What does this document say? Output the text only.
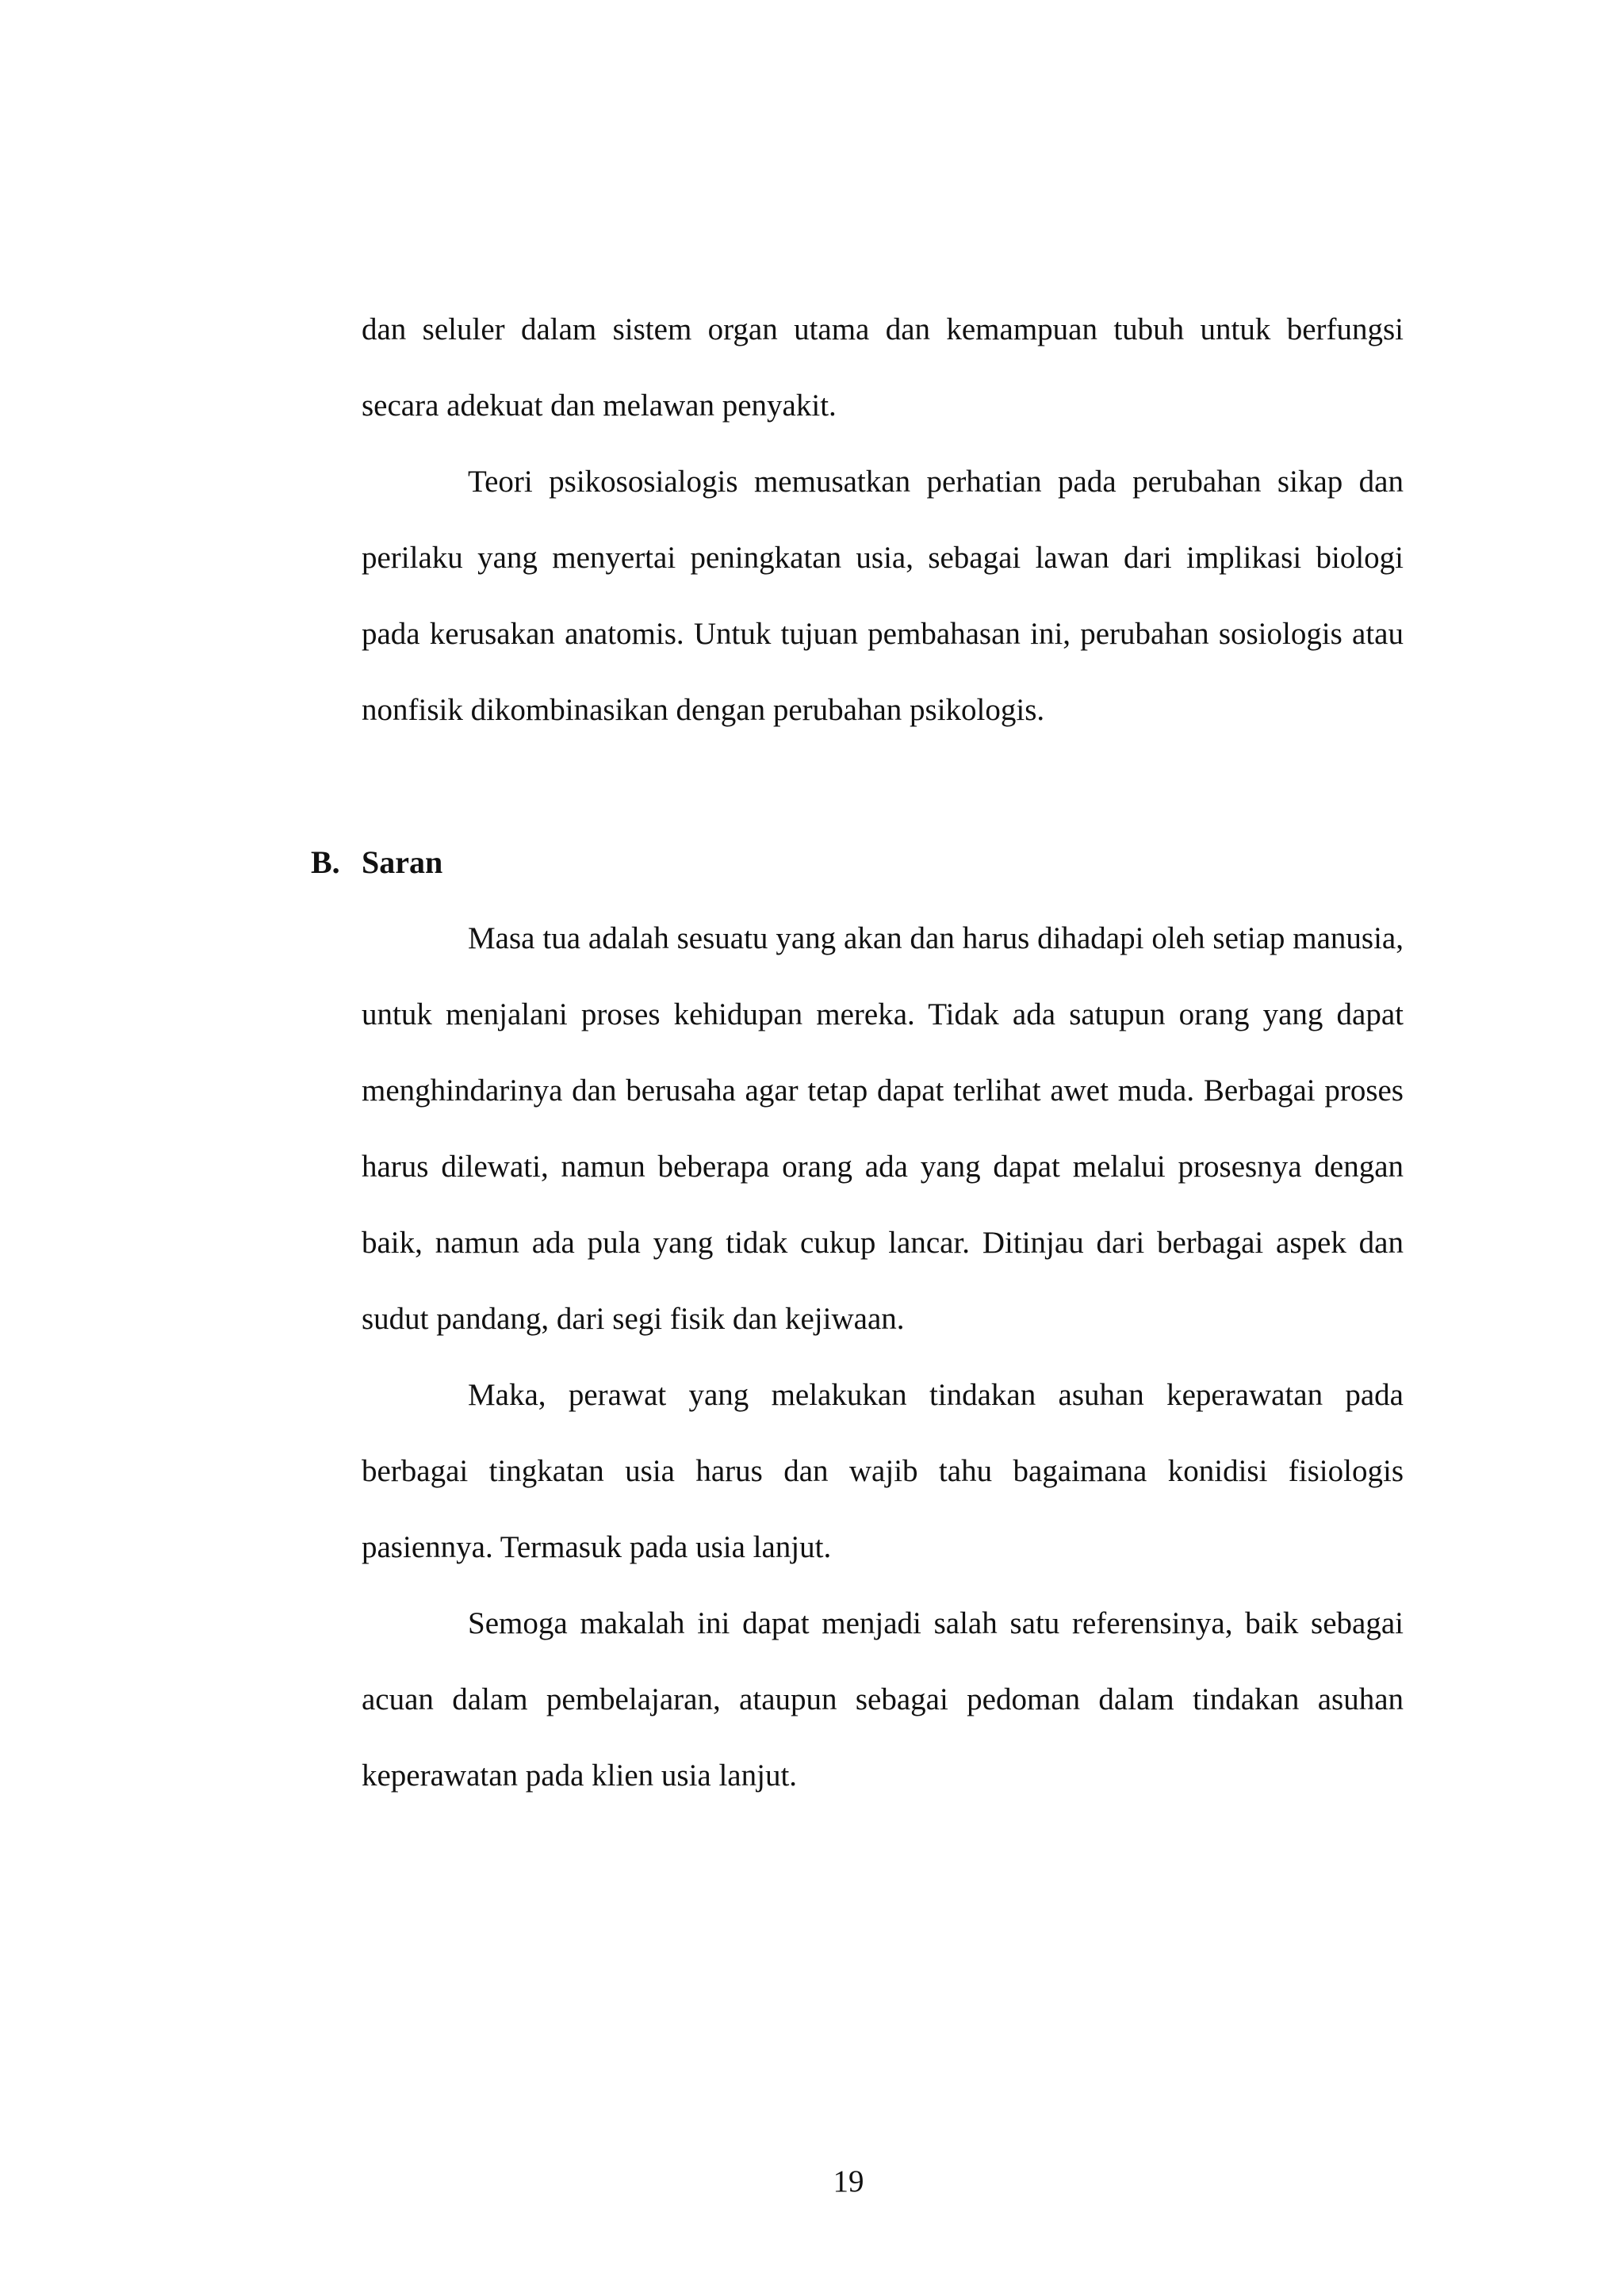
dan seluler dalam sistem organ utama dan kemampuan tubuh untuk berfungsi secara adekuat dan melawan penyakit.

Teori psikososialogis memusatkan perhatian pada perubahan sikap dan perilaku yang menyertai peningkatan usia, sebagai lawan dari implikasi biologi pada kerusakan anatomis. Untuk tujuan pembahasan ini, perubahan sosiologis atau nonfisik dikombinasikan dengan perubahan psikologis.

B. Saran

Masa tua adalah sesuatu yang akan dan harus dihadapi oleh setiap manusia, untuk menjalani proses kehidupan mereka. Tidak ada satupun orang yang dapat menghindarinya dan berusaha agar tetap dapat terlihat awet muda. Berbagai proses harus dilewati, namun beberapa orang ada yang dapat melalui prosesnya dengan baik, namun ada pula yang tidak cukup lancar. Ditinjau dari berbagai aspek dan sudut pandang, dari segi fisik dan kejiwaan.

Maka, perawat yang melakukan tindakan asuhan keperawatan pada berbagai tingkatan usia harus dan wajib tahu bagaimana konidisi fisiologis pasiennya. Termasuk pada usia lanjut.

Semoga makalah ini dapat menjadi salah satu referensinya, baik sebagai acuan dalam pembelajaran, ataupun sebagai pedoman dalam tindakan asuhan keperawatan pada klien usia lanjut.

19
